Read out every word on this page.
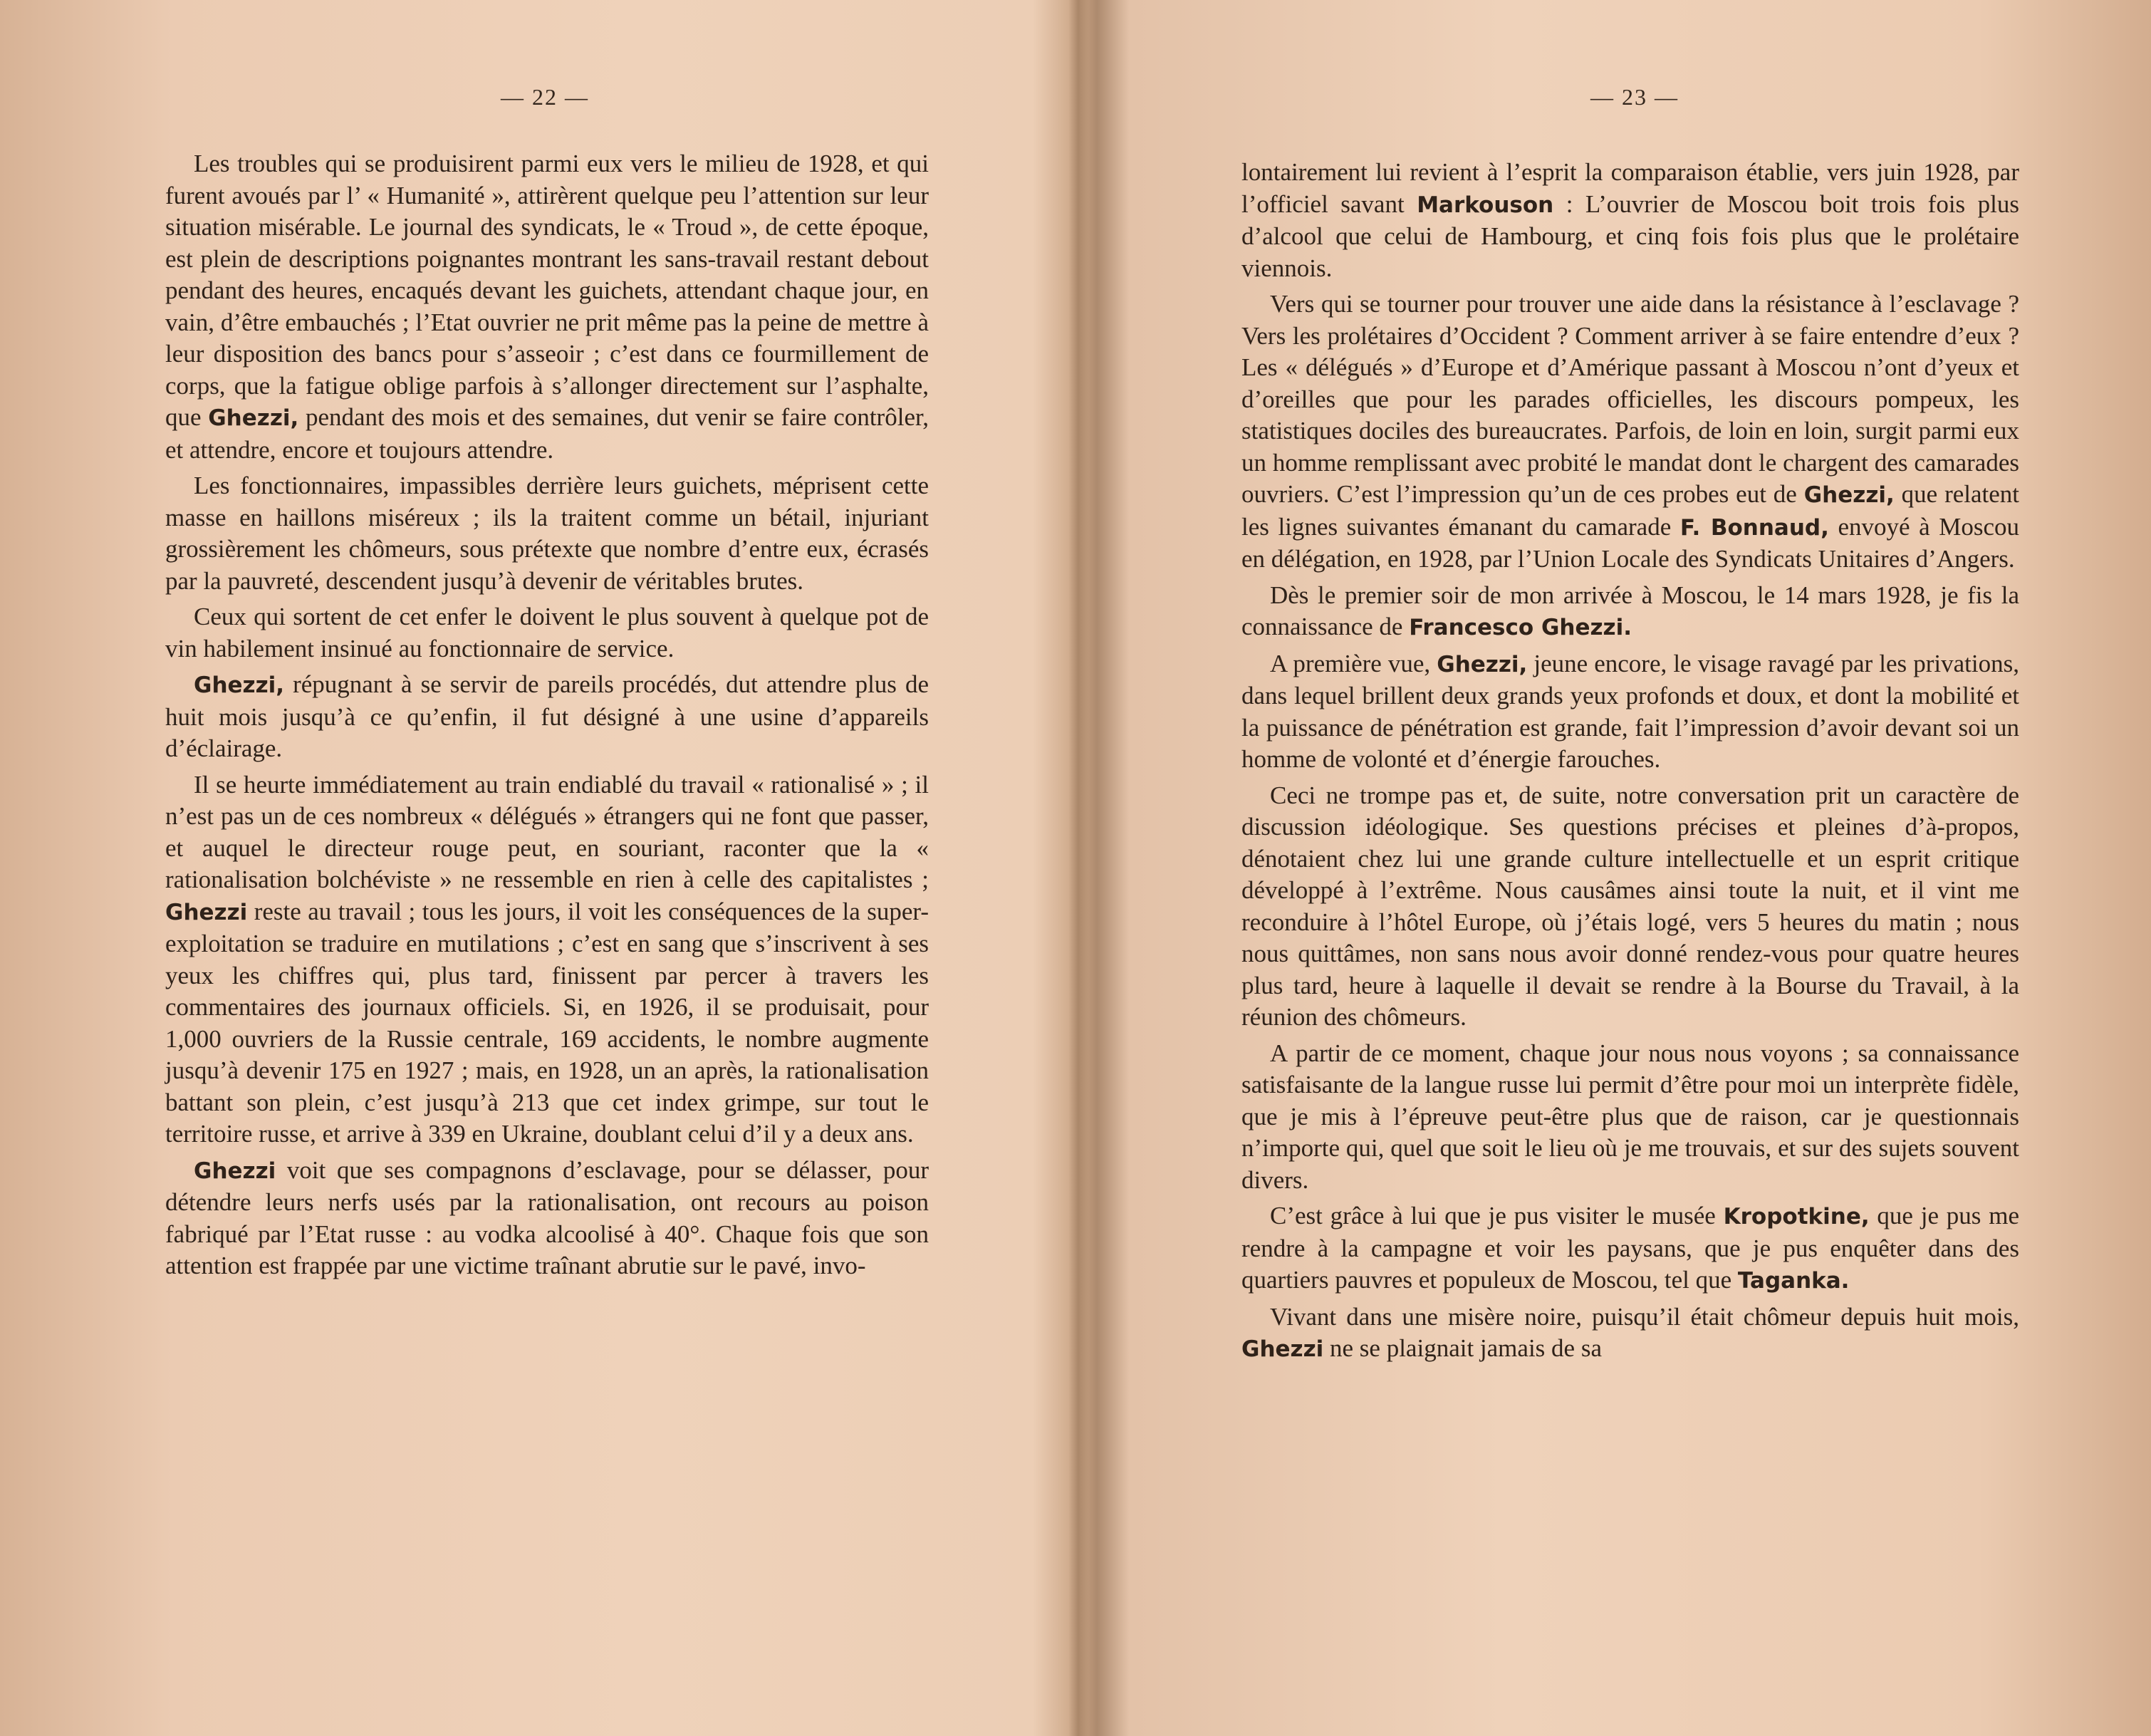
— 22 —

Les troubles qui se produisirent parmi eux vers le milieu de 1928, et qui furent avoués par l’ « Humanité », attirèrent quelque peu l’attention sur leur situation misérable. Le journal des syndicats, le « Troud », de cette époque, est plein de descriptions poignantes montrant les sans-travail restant debout pendant des heures, encaqués devant les guichets, attendant chaque jour, en vain, d’être embauchés ; l’Etat ouvrier ne prit même pas la peine de mettre à leur disposition des bancs pour s’asseoir ; c’est dans ce fourmillement de corps, que la fatigue oblige parfois à s’allonger directement sur l’asphalte, que Ghezzi, pendant des mois et des semaines, dut venir se faire contrôler, et attendre, encore et toujours attendre.

Les fonctionnaires, impassibles derrière leurs guichets, méprisent cette masse en haillons miséreux ; ils la traitent comme un bétail, injuriant grossièrement les chômeurs, sous prétexte que nombre d’entre eux, écrasés par la pauvreté, descendent jusqu’à devenir de véritables brutes.

Ceux qui sortent de cet enfer le doivent le plus souvent à quelque pot de vin habilement insinué au fonctionnaire de service.

Ghezzi, répugnant à se servir de pareils procédés, dut attendre plus de huit mois jusqu’à ce qu’enfin, il fut désigné à une usine d’appareils d’éclairage.

Il se heurte immédiatement au train endiablé du travail « rationalisé » ; il n’est pas un de ces nombreux « délégués » étrangers qui ne font que passer, et auquel le directeur rouge peut, en souriant, raconter que la « rationalisation bolchéviste » ne ressemble en rien à celle des capitalistes ; Ghezzi reste au travail ; tous les jours, il voit les conséquences de la super-exploitation se traduire en mutilations ; c’est en sang que s’inscrivent à ses yeux les chiffres qui, plus tard, finissent par percer à travers les commentaires des journaux officiels. Si, en 1926, il se produisait, pour 1,000 ouvriers de la Russie centrale, 169 accidents, le nombre augmente jusqu’à devenir 175 en 1927 ; mais, en 1928, un an après, la rationalisation battant son plein, c’est jusqu’à 213 que cet index grimpe, sur tout le territoire russe, et arrive à 339 en Ukraine, doublant celui d’il y a deux ans.

Ghezzi voit que ses compagnons d’esclavage, pour se délasser, pour détendre leurs nerfs usés par la rationalisation, ont recours au poison fabriqué par l’Etat russe : au vodka alcoolisé à 40°. Chaque fois que son attention est frappée par une victime traînant abrutie sur le pavé, invo-

— 23 —

lontairement lui revient à l’esprit la comparaison établie, vers juin 1928, par l’officiel savant Markouson : L’ouvrier de Moscou boit trois fois plus d’alcool que celui de Hambourg, et cinq fois fois plus que le prolétaire viennois.

Vers qui se tourner pour trouver une aide dans la résistance à l’esclavage ? Vers les prolétaires d’Occident ? Comment arriver à se faire entendre d’eux ? Les « délégués » d’Europe et d’Amérique passant à Moscou n’ont d’yeux et d’oreilles que pour les parades officielles, les discours pompeux, les statistiques dociles des bureaucrates. Parfois, de loin en loin, surgit parmi eux un homme remplissant avec probité le mandat dont le chargent des camarades ouvriers. C’est l’impression qu’un de ces probes eut de Ghezzi, que relatent les lignes suivantes émanant du camarade F. Bonnaud, envoyé à Moscou en délégation, en 1928, par l’Union Locale des Syndicats Unitaires d’Angers.

Dès le premier soir de mon arrivée à Moscou, le 14 mars 1928, je fis la connaissance de Francesco Ghezzi.

A première vue, Ghezzi, jeune encore, le visage ravagé par les privations, dans lequel brillent deux grands yeux profonds et doux, et dont la mobilité et la puissance de pénétration est grande, fait l’impression d’avoir devant soi un homme de volonté et d’énergie farouches.

Ceci ne trompe pas et, de suite, notre conversation prit un caractère de discussion idéologique. Ses questions précises et pleines d’à-propos, dénotaient chez lui une grande culture intellectuelle et un esprit critique développé à l’extrême. Nous causâmes ainsi toute la nuit, et il vint me reconduire à l’hôtel Europe, où j’étais logé, vers 5 heures du matin ; nous nous quittâmes, non sans nous avoir donné rendez-vous pour quatre heures plus tard, heure à laquelle il devait se rendre à la Bourse du Travail, à la réunion des chômeurs.

A partir de ce moment, chaque jour nous nous voyons ; sa connaissance satisfaisante de la langue russe lui permit d’être pour moi un interprète fidèle, que je mis à l’épreuve peut-être plus que de raison, car je questionnais n’importe qui, quel que soit le lieu où je me trouvais, et sur des sujets souvent divers.

C’est grâce à lui que je pus visiter le musée Kropotkine, que je pus me rendre à la campagne et voir les paysans, que je pus enquêter dans des quartiers pauvres et populeux de Moscou, tel que Taganka.

Vivant dans une misère noire, puisqu’il était chômeur depuis huit mois, Ghezzi ne se plaignait jamais de sa
